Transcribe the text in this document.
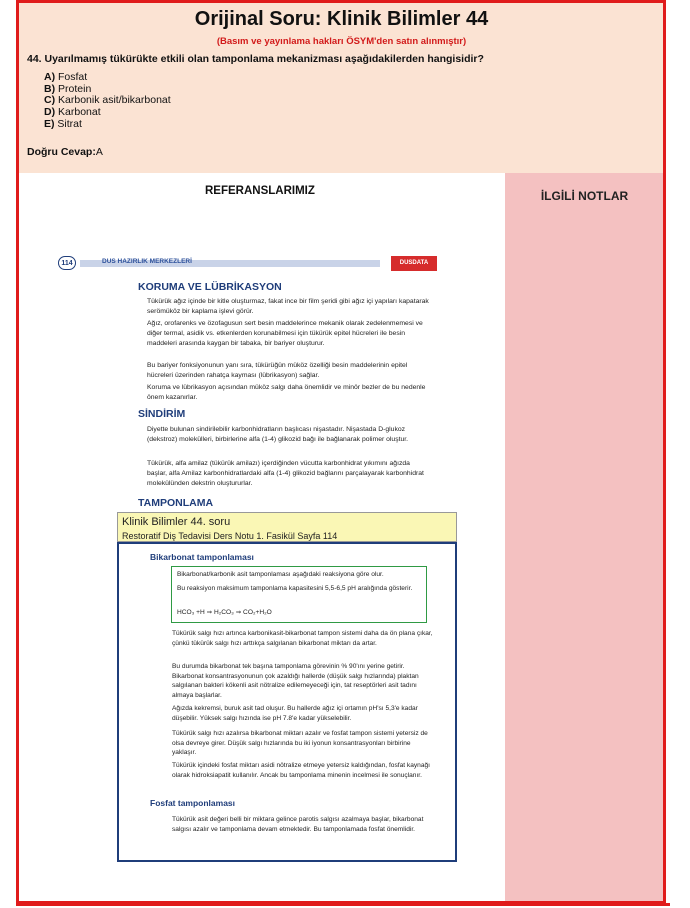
Orijinal Soru: Klinik Bilimler 44
(Basım ve yayınlama hakları ÖSYM'den satın alınmıştır)
44. Uyarılmamış tükürükte etkili olan tamponlama mekanizması aşağıdakilerden hangisidir?
A) Fosfat
B) Protein
C) Karbonik asit/bikarbonat
D) Karbonat
E) Sitrat
Doğru Cevap:A
REFERANSLARIMIZ	İLGİLİ NOTLAR
114	DUS HAZIRLIK MERKEZLERİ	DUSDATA
KORUMA VE LÜBRİKASYON
Tükürük ağız içinde bir kitle oluşturmaz, fakat ince bir film şeridi gibi ağız içi yapıları kapatarak serömüköz bir kaplama işlevi görür.
Ağız, orofarenks ve özofagusun sert besin maddelerince mekanik olarak zedelenmemesi ve diğer termal, asidik vs. etkenlerden korunabilmesi için tükürük epitel hücreleri ile besin maddeleri arasında kaygan bir tabaka, bir bariyer oluşturur.
Bu bariyer fonksiyonunun yanı sıra, tükürüğün müköz özelliği besin maddelerinin epitel hücreleri üzerinden rahatça kayması (lübrikasyon) sağlar.
Koruma ve lübrikasyon açısından müköz salgı daha önemlidir ve minör bezler de bu nedenle önem kazanırlar.
SİNDİRİM
Diyette bulunan sindirilebilir karbonhidratların başlıcası nişastadır. Nişastada D-glukoz (dekstroz) molekülleri, birbirlerine alfa (1-4) glikozid bağı ile bağlanarak polimer oluştur.
Tükürük, alfa amilaz (tükürük amilazı) içerdiğinden vücutta karbonhidrat yıkımını ağızda başlar, alfa Amilaz karbonhidratlardaki alfa (1-4) glikozid bağlarını parçalayarak karbonhidrat molekülünden dekstrin oluştururlar.
TAMPONLAMA
Klinik Bilimler 44. soru
Restoratif Diş Tedavisi Ders Notu 1. Fasikül Sayfa 114
Bikarbonat tamponlaması
Bikarbonat/karbonik asit tamponlaması aşağıdaki reaksiyona göre olur.
Bu reaksiyon maksimum tamponlama kapasitesini 5,5-6,5 pH aralığında gösterir.
HCO₃ +H ⇒ H₂CO₃ ⇒ CO₂+H₂O
Tükürük salgı hızı artınca karbonikasit-bikarbonat tampon sistemi daha da ön plana çıkar, çünkü tükürük salgı hızı arttıkça salgılanan bikarbonat miktarı da artar.
Bu durumda bikarbonat tek başına tamponlama görevinin % 90'ını yerine getirir. Bikarbonat konsantrasyonunun çok azaldığı hallerde (düşük salgı hızlarında) plaktan salgılanan bakteri kökenli asit nötralize edilemeyeceği için, tat reseptörleri asit tadını almaya başlarlar.
Ağızda kekremsi, buruk asit tad oluşur. Bu hallerde ağız içi ortamın pH'sı 5,3'e kadar düşebilir. Yüksek salgı hızında ise pH 7.8'e kadar yükselebilir.
Tükürük salgı hızı azalırsa bikarbonat miktarı azalır ve fosfat tampon sistemi yetersiz de olsa devreye girer. Düşük salgı hızlarında bu iki iyonun konsantrasyonları birbirine yaklaşır.
Tükürük içindeki fosfat miktarı asidi nötralize etmeye yetersiz kaldığından, fosfat kaynağı olarak hidroksiapatit kullanılır. Ancak bu tamponlama minenin incelmesi ile sonuçlanır.
Fosfat tamponlaması
Tükürük asit değeri belli bir miktara gelince parotis salgısı azalmaya başlar, bikarbonat salgısı azalır ve tamponlama devam etmektedir. Bu tamponlamada fosfat önemlidir.
